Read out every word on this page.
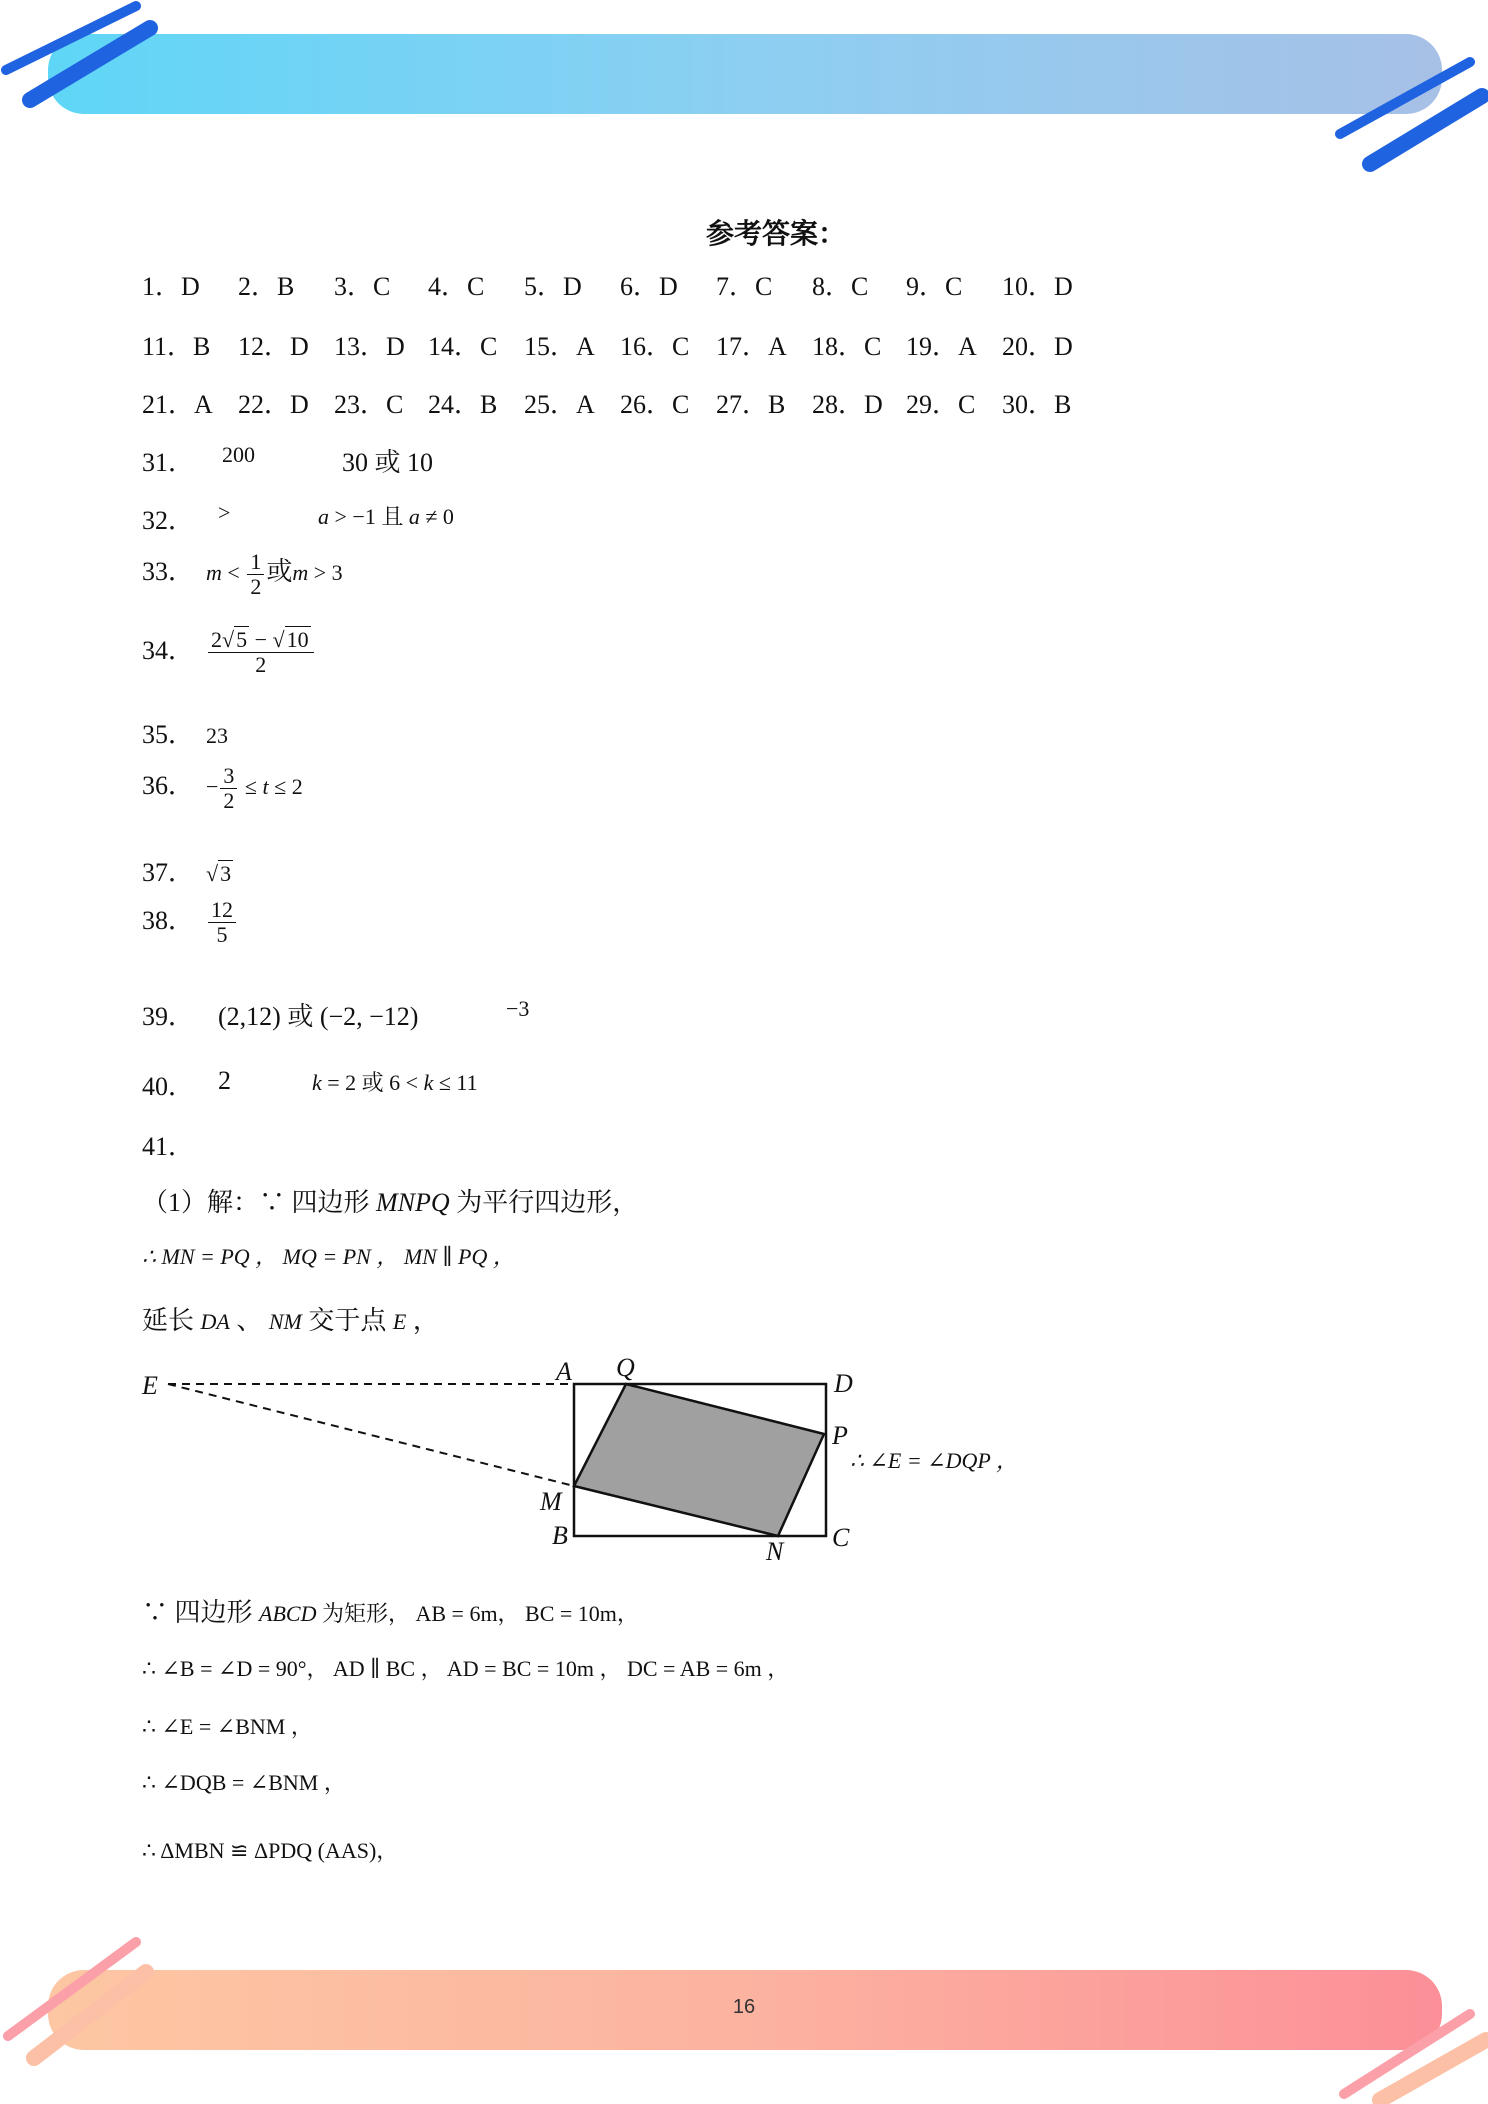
16
参考答案：
1．D 2．B 3．C 4．C 5．D 6．D 7．C 8．C 9．C 10．D
11．B 12．D 13．D 14．C 15．A 16．C 17．A 18．C 19．A 20．D
21．A 22．D 23．C 24．B 25．A 26．C 27．B 28．D 29．C 30．B
31． 200	30 或 10
32． >	a > −1 且 a ≠ 0
33． $m < \frac{1}{2}$ 或m > 3
34． $\frac{2√5 - √10}{2}$
35． 23
36． − $\frac{3}{2} \le t \le 2$
37． √3
38． $\frac{12}{5}$
39． (2,12) 或 (−2, −12)	−3
40． 2	k = 2 或 6 < k ≤ 11
41．
（1）解：∵ 四边形 MNPQ 为平行四边形，
∴ MN = PQ ， MQ = PN ， MN ∥ PQ ，
延长 DA 、 NM 交于点 E ，
E	A Q
D
P
M
B
N C
∴ ∠E = ∠DQP ，
∵ 四边形 ABCD 为矩形， AB = 6m， BC = 10m，
∴ ∠B = ∠D = 90°， AD ∥ BC ， AD = BC = 10m ， DC = AB = 6m ，
∴ ∠E = ∠BNM ，
∴ ∠DQB = ∠BNM ，
∴ ΔMBN ≌ ΔPDQ (AAS)，
